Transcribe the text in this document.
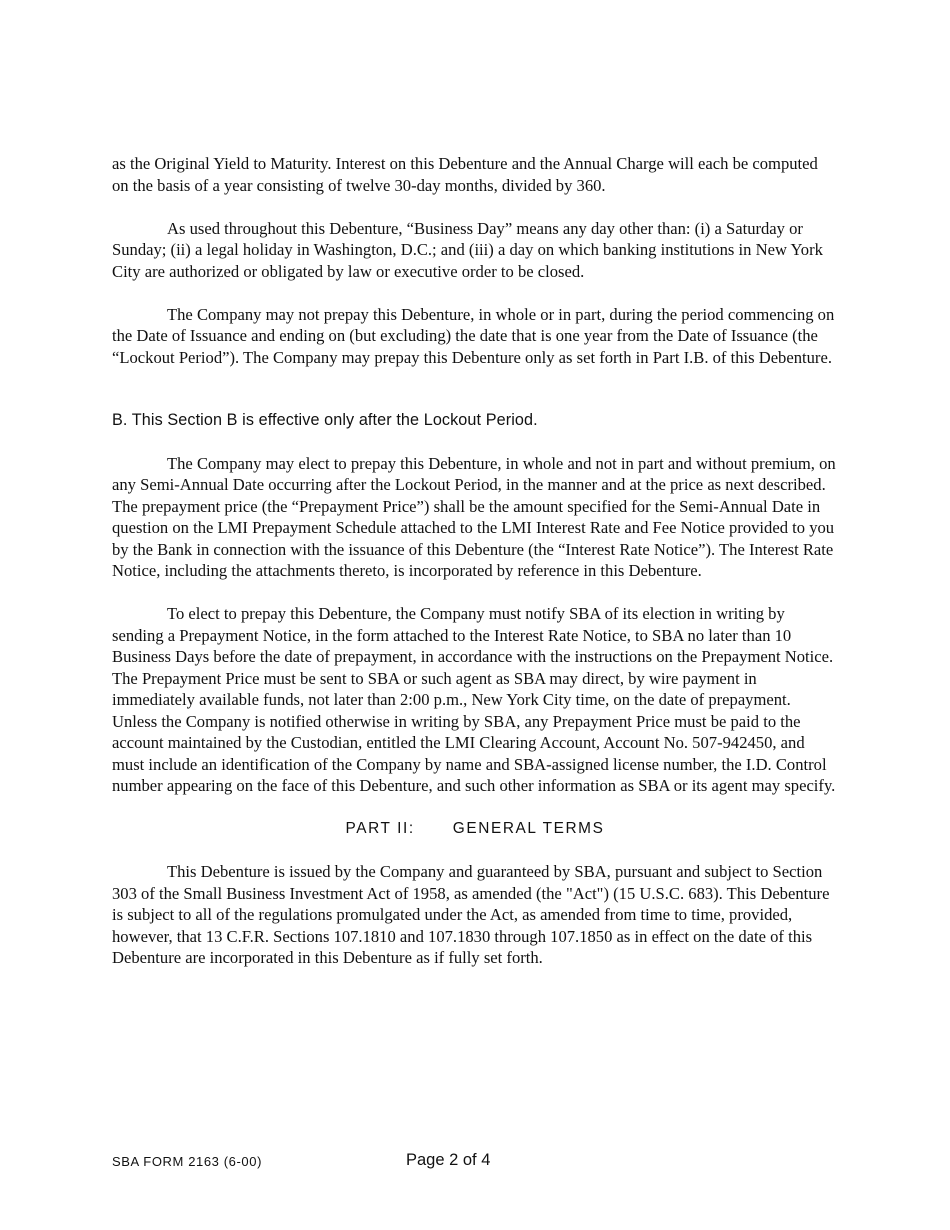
as the Original Yield to Maturity. Interest on this Debenture and the Annual Charge will each be computed on the basis of a year consisting of twelve 30-day months, divided by 360.

As used throughout this Debenture, “Business Day” means any day other than: (i) a Saturday or Sunday; (ii) a legal holiday in Washington, D.C.; and (iii) a day on which banking institutions in New York City are authorized or obligated by law or executive order to be closed.

The Company may not prepay this Debenture, in whole or in part, during the period commencing on the Date of Issuance and ending on (but excluding) the date that is one year from the Date of Issuance (the “Lockout Period”). The Company may prepay this Debenture only as set forth in Part I.B. of this Debenture.

B. This Section B is effective only after the Lockout Period.

The Company may elect to prepay this Debenture, in whole and not in part and without premium, on any Semi-Annual Date occurring after the Lockout Period, in the manner and at the price as next described. The prepayment price (the “Prepayment Price”) shall be the amount specified for the Semi-Annual Date in question on the LMI Prepayment Schedule attached to the LMI Interest Rate and Fee Notice provided to you by the Bank in connection with the issuance of this Debenture (the “Interest Rate Notice”). The Interest Rate Notice, including the attachments thereto, is incorporated by reference in this Debenture.

To elect to prepay this Debenture, the Company must notify SBA of its election in writing by sending a Prepayment Notice, in the form attached to the Interest Rate Notice, to SBA no later than 10 Business Days before the date of prepayment, in accordance with the instructions on the Prepayment Notice. The Prepayment Price must be sent to SBA or such agent as SBA may direct, by wire payment in immediately available funds, not later than 2:00 p.m., New York City time, on the date of prepayment. Unless the Company is notified otherwise in writing by SBA, any Prepayment Price must be paid to the account maintained by the Custodian, entitled the LMI Clearing Account, Account No. 507-942450, and must include an identification of the Company by name and SBA-assigned license number, the I.D. Control number appearing on the face of this Debenture, and such other information as SBA or its agent may specify.

PART II: GENERAL TERMS

This Debenture is issued by the Company and guaranteed by SBA, pursuant and subject to Section 303 of the Small Business Investment Act of 1958, as amended (the "Act") (15 U.S.C. 683). This Debenture is subject to all of the regulations promulgated under the Act, as amended from time to time, provided, however, that 13 C.F.R. Sections 107.1810 and 107.1830 through 107.1850 as in effect on the date of this Debenture are incorporated in this Debenture as if fully set forth.

SBA FORM 2163 (6-00)	Page 2 of 4
